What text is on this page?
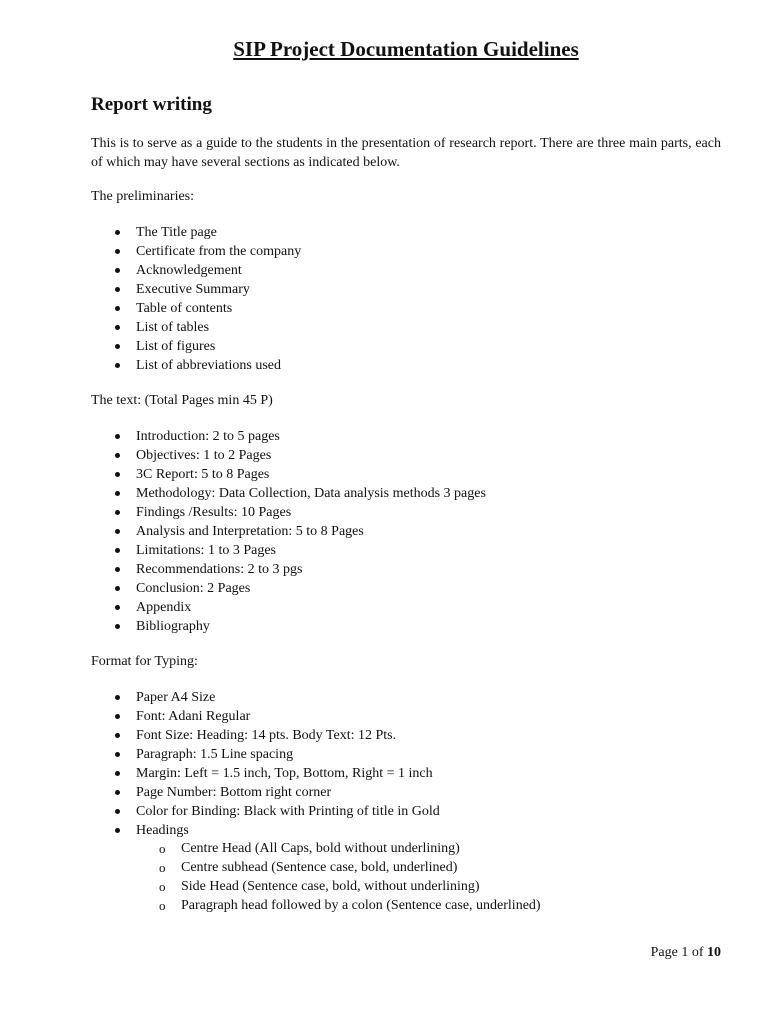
SIP Project Documentation Guidelines
Report writing

This is to serve as a guide to the students in the presentation of research report. There are three main parts, each of which may have several sections as indicated below.

The preliminaries:

The Title page
Certificate from the company
Acknowledgement
Executive Summary
Table of contents
List of tables
List of figures
List of abbreviations used

The text: (Total Pages min 45 P)

Introduction: 2 to 5 pages
Objectives: 1 to 2 Pages
3C Report: 5 to 8 Pages
Methodology: Data Collection, Data analysis methods 3 pages
Findings /Results: 10 Pages
Analysis and Interpretation: 5 to 8 Pages
Limitations: 1 to 3 Pages
Recommendations: 2 to 3 pgs
Conclusion: 2 Pages
Appendix
Bibliography

Format for Typing:

Paper A4 Size
Font: Adani Regular
Font Size: Heading: 14 pts. Body Text: 12 Pts.
Paragraph: 1.5 Line spacing
Margin: Left = 1.5 inch, Top, Bottom, Right = 1 inch
Page Number: Bottom right corner
Color for Binding: Black with Printing of title in Gold
Headings
o Centre Head (All Caps, bold without underlining)
o Centre subhead (Sentence case, bold, underlined)
o Side Head (Sentence case, bold, without underlining)
o Paragraph head followed by a colon (Sentence case, underlined)
Page 1 of 10
